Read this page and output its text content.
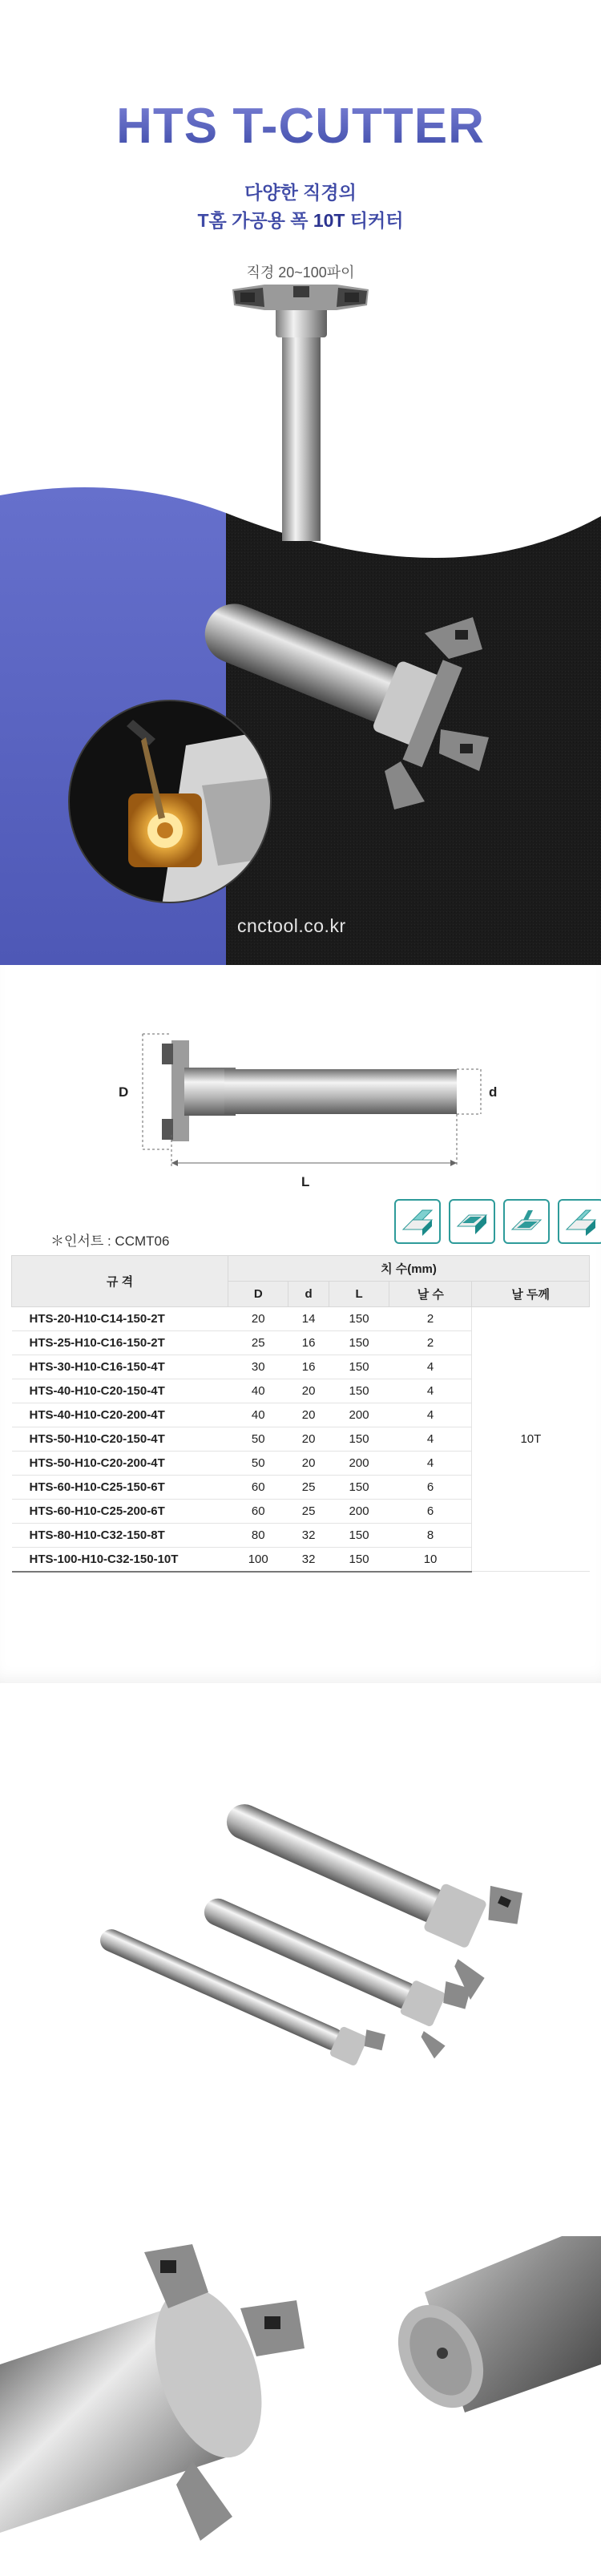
HTS T-CUTTER
다양한 직경의
T홈 가공용 폭 10T 티커터
직경 20~100파이
cnctool.co.kr
D	d
L
＊인서트 : CCMT06
규 격	치 수(mm)				
	D	d	L	날 수	날 두께
HTS-20-H10-C14-150-2T	20	14	150	2	10T
HTS-25-H10-C16-150-2T	25	16	150	2	
HTS-30-H10-C16-150-4T	30	16	150	4	
HTS-40-H10-C20-150-4T	40	20	150	4	
HTS-40-H10-C20-200-4T	40	20	200	4	
HTS-50-H10-C20-150-4T	50	20	150	4	
HTS-50-H10-C20-200-4T	50	20	200	4	
HTS-60-H10-C25-150-6T	60	25	150	6	
HTS-60-H10-C25-200-6T	60	25	200	6	
HTS-80-H10-C32-150-8T	80	32	150	8	
HTS-100-H10-C32-150-10T	100	32	150	10	
